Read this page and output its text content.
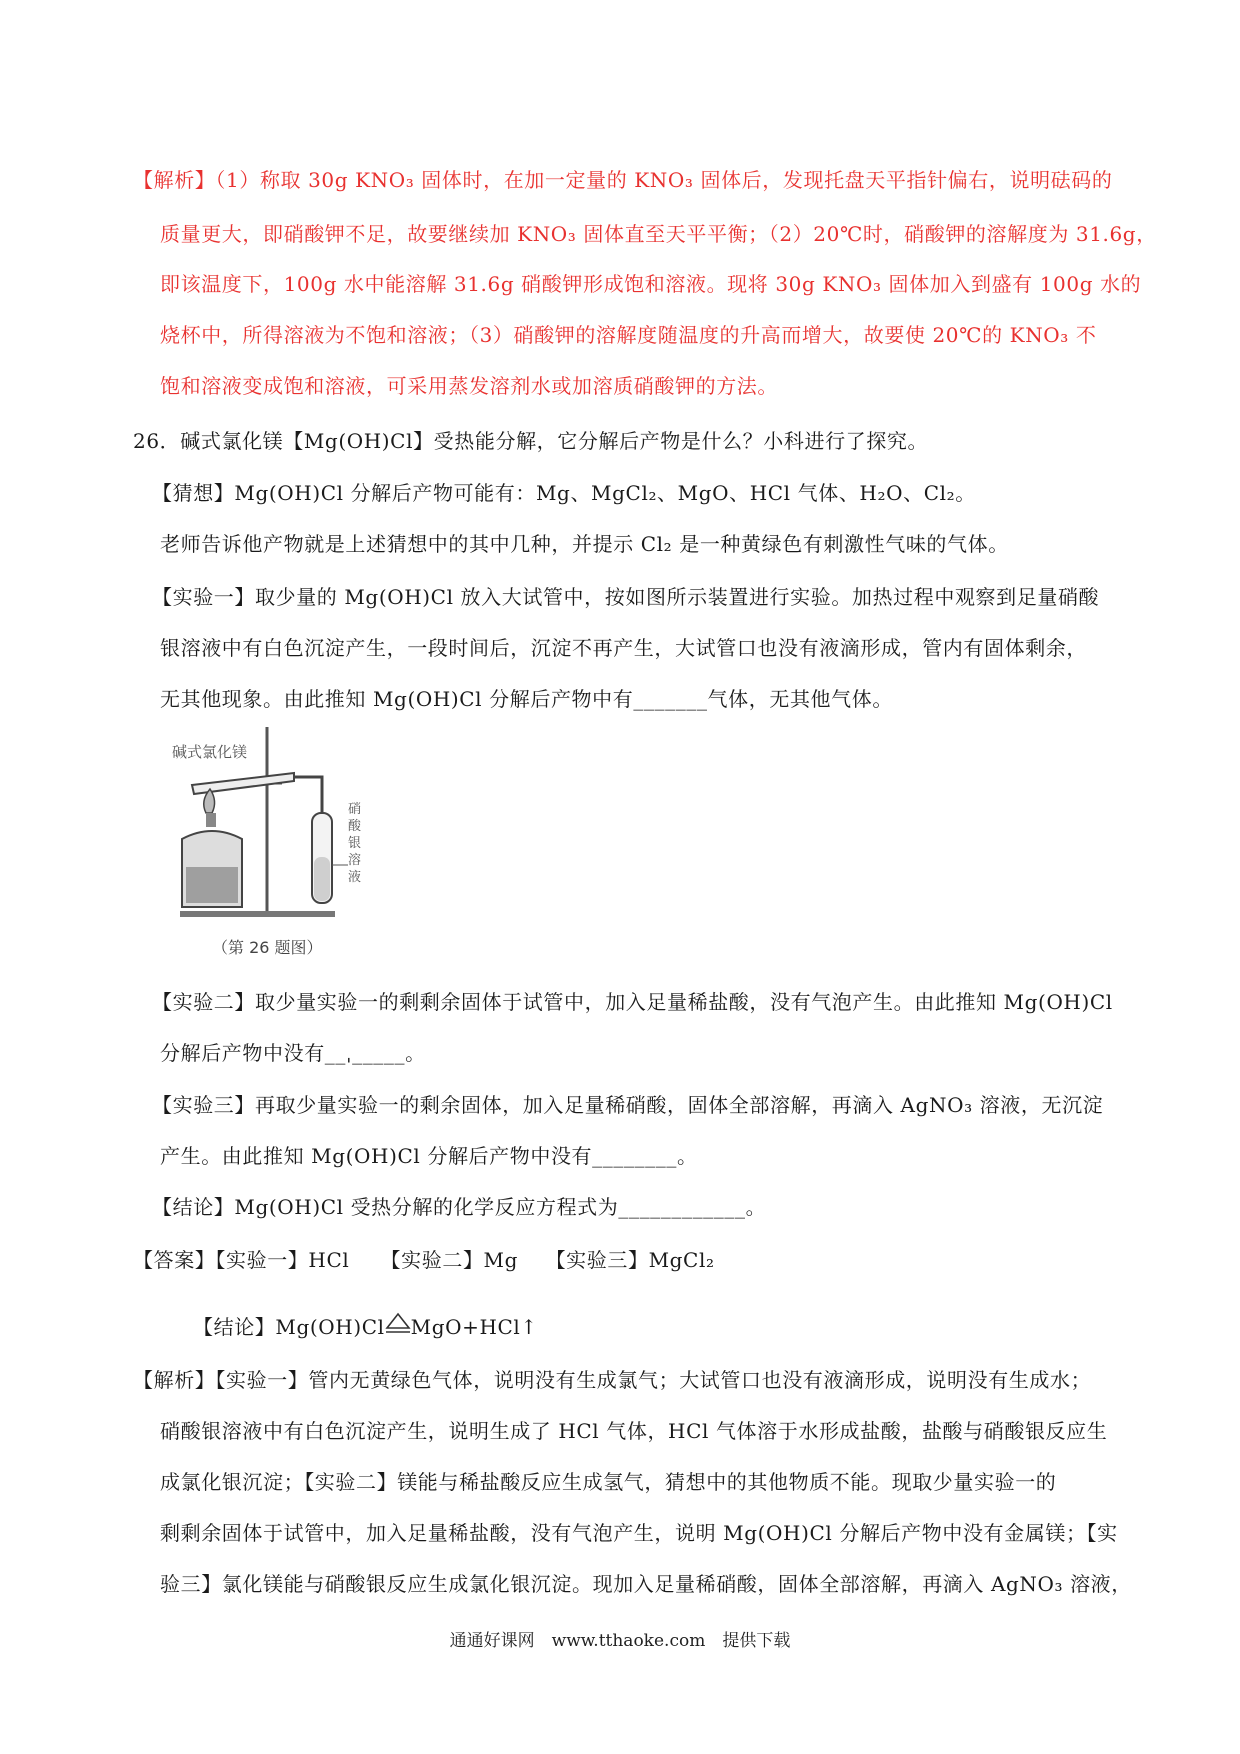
【解析】（1）称取 30g KNO₃ 固体时，在加一定量的 KNO₃ 固体后，发现托盘天平指针偏右，说明砝码的
质量更大，即硝酸钾不足，故要继续加 KNO₃ 固体直至天平平衡；（2）20℃时，硝酸钾的溶解度为 31.6g，
即该温度下，100g 水中能溶解 31.6g 硝酸钾形成饱和溶液。现将 30g KNO₃ 固体加入到盛有 100g 水的
烧杯中，所得溶液为不饱和溶液；（3）硝酸钾的溶解度随温度的升高而增大，故要使 20℃的 KNO₃ 不
饱和溶液变成饱和溶液，可采用蒸发溶剂水或加溶质硝酸钾的方法。
26．碱式氯化镁【Mg(OH)Cl】受热能分解，它分解后产物是什么？小科进行了探究。
【猜想】Mg(OH)Cl 分解后产物可能有：Mg、MgCl₂、MgO、HCl 气体、H₂O、Cl₂。
老师告诉他产物就是上述猜想中的其中几种，并提示 Cl₂ 是一种黄绿色有刺激性气味的气体。
【实验一】取少量的 Mg(OH)Cl 放入大试管中，按如图所示装置进行实验。加热过程中观察到足量硝酸
银溶液中有白色沉淀产生，一段时间后，沉淀不再产生，大试管口也没有液滴形成，管内有固体剩余，
无其他现象。由此推知 Mg(OH)Cl 分解后产物中有_______气体，无其他气体。
碱式氯化镁
硝
酸
银
溶
液
（第 26 题图）
【实验二】取少量实验一的剩剩余固体于试管中，加入足量稀盐酸，没有气泡产生。由此推知 Mg(OH)Cl
分解后产物中没有__ˌ_____。
【实验三】再取少量实验一的剩余固体，加入足量稀硝酸，固体全部溶解，再滴入 AgNO₃ 溶液，无沉淀
产生。由此推知 Mg(OH)Cl 分解后产物中没有________。
【结论】Mg(OH)Cl 受热分解的化学反应方程式为____________。
【答案】【实验一】HCl　　【实验二】Mg　 【实验三】MgCl₂
【结论】Mg(OH)Cl MgO+HCl↑
【解析】【实验一】管内无黄绿色气体，说明没有生成氯气；大试管口也没有液滴形成，说明没有生成水；
硝酸银溶液中有白色沉淀产生，说明生成了 HCl 气体，HCl 气体溶于水形成盐酸，盐酸与硝酸银反应生
成氯化银沉淀；【实验二】镁能与稀盐酸反应生成氢气，猜想中的其他物质不能。现取少量实验一的
剩剩余固体于试管中，加入足量稀盐酸，没有气泡产生，说明 Mg(OH)Cl 分解后产物中没有金属镁；【实
验三】氯化镁能与硝酸银反应生成氯化银沉淀。现加入足量稀硝酸，固体全部溶解，再滴入 AgNO₃ 溶液，
通通好课网　www.tthaoke.com　提供下载
